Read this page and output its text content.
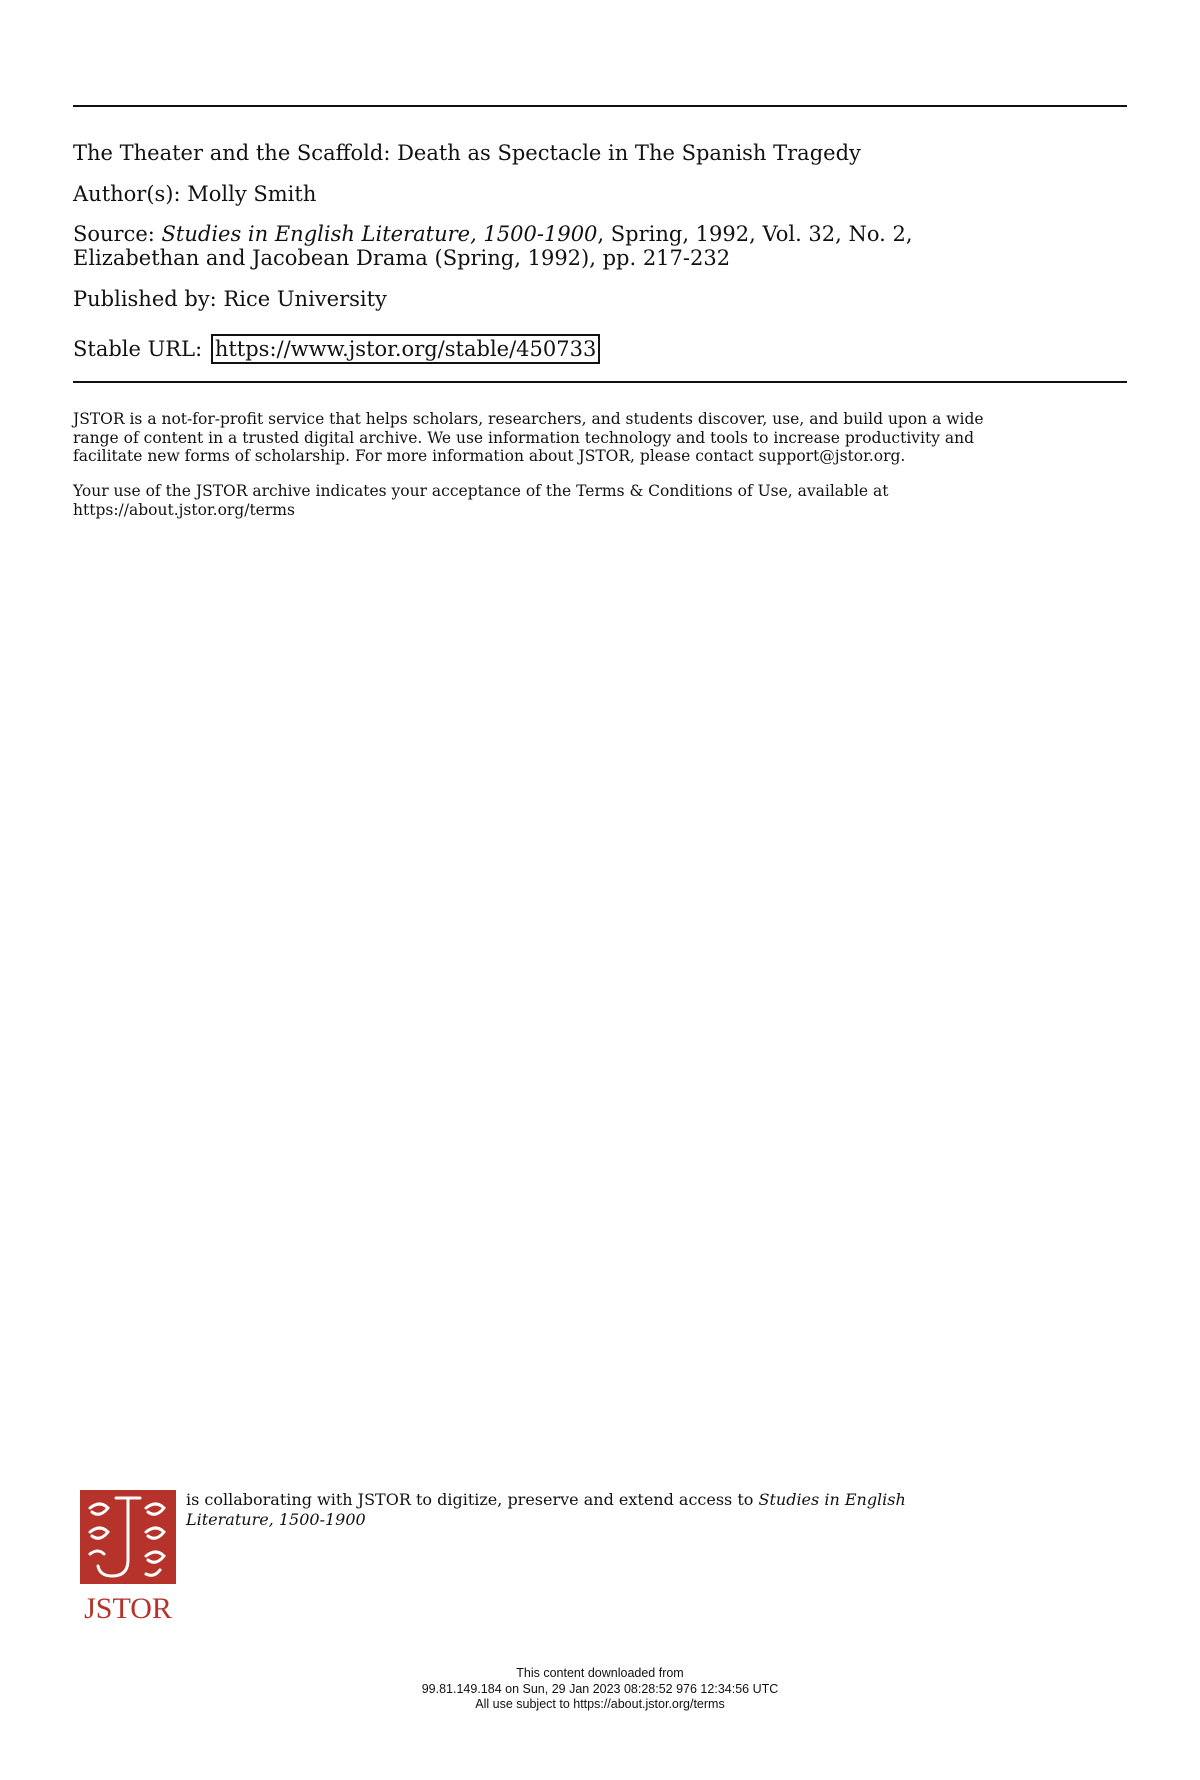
The Theater and the Scaffold: Death as Spectacle in The Spanish Tragedy
Author(s): Molly Smith
Source: Studies in English Literature, 1500-1900, Spring, 1992, Vol. 32, No. 2,
Elizabethan and Jacobean Drama (Spring, 1992), pp. 217-232
Published by: Rice University
Stable URL: https://www.jstor.org/stable/450733
JSTOR is a not-for-profit service that helps scholars, researchers, and students discover, use, and build upon a wide
range of content in a trusted digital archive. We use information technology and tools to increase productivity and
facilitate new forms of scholarship. For more information about JSTOR, please contact support@jstor.org.
Your use of the JSTOR archive indicates your acceptance of the Terms & Conditions of Use, available at
https://about.jstor.org/terms
JSTOR
is collaborating with JSTOR to digitize, preserve and extend access to Studies in English
Literature, 1500-1900
This content downloaded from
99.81.149.184 on Sun, 29 Jan 2023 08:28:52 976 12:34:56 UTC
All use subject to https://about.jstor.org/terms
